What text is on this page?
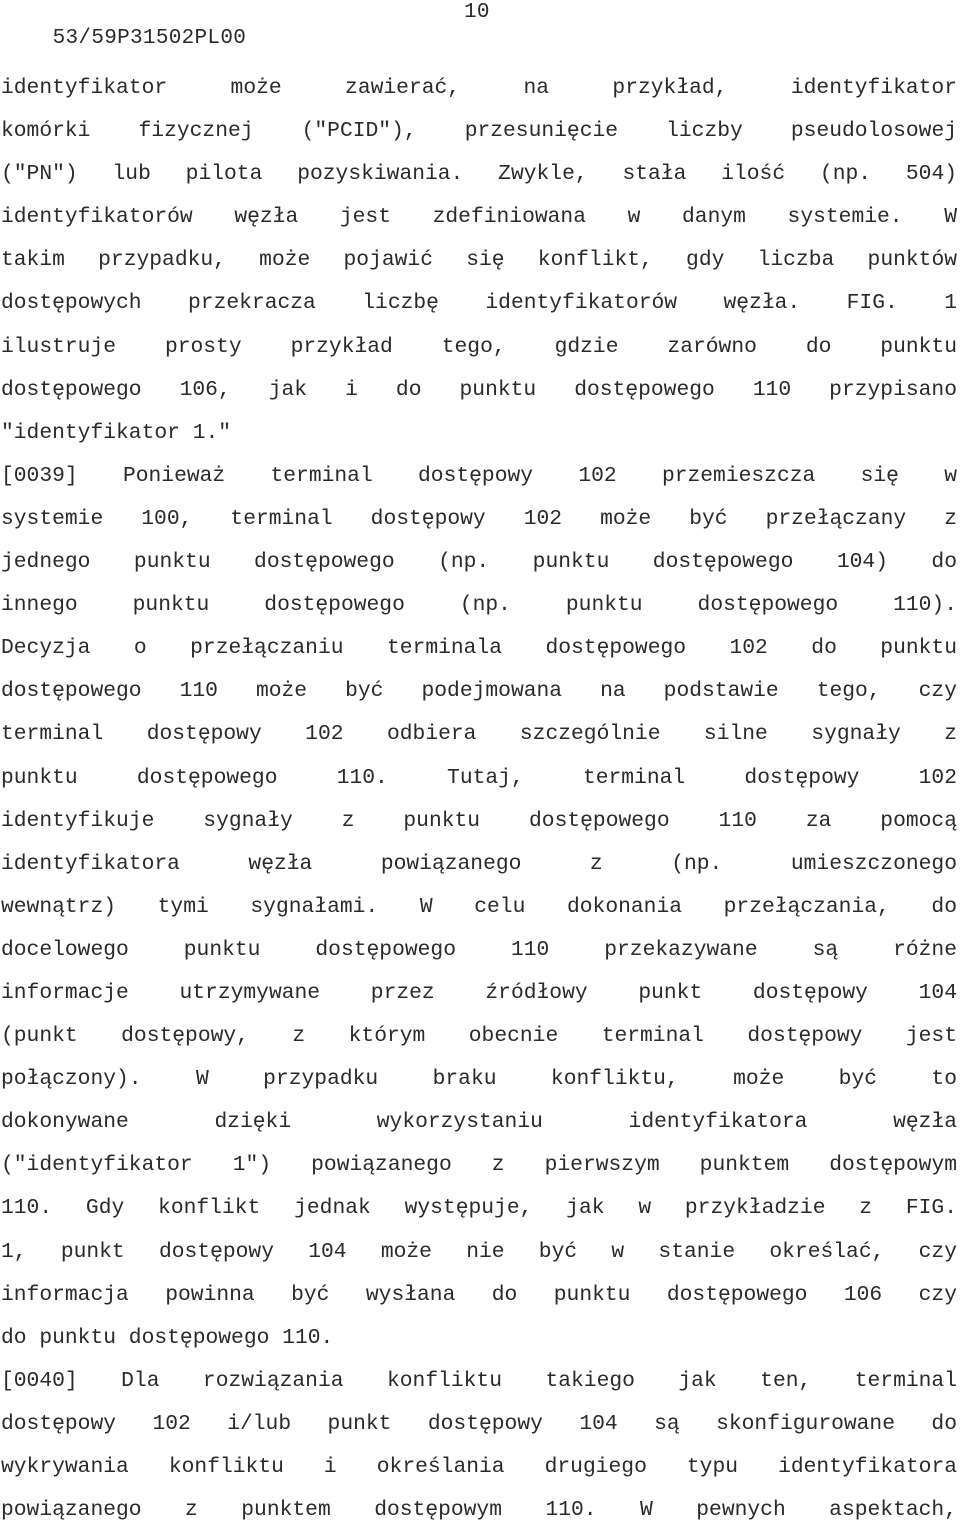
53/59P31502PL00

10

identyfikator może zawierać, na przykład, identyfikator
komórki fizycznej ("PCID"), przesunięcie liczby pseudolosowej
("PN") lub pilota pozyskiwania. Zwykle, stała ilość (np. 504)
identyfikatorów węzła jest zdefiniowana w danym systemie. W
takim przypadku, może pojawić się konflikt, gdy liczba punktów
dostępowych przekracza liczbę identyfikatorów węzła. FIG. 1
ilustruje prosty przykład tego, gdzie zarówno do punktu
dostępowego 106, jak i do punktu dostępowego 110 przypisano
"identyfikator 1."
[0039] Ponieważ terminal dostępowy 102 przemieszcza się w
systemie 100, terminal dostępowy 102 może być przełączany z
jednego punktu dostępowego (np. punktu dostępowego 104) do
innego punktu dostępowego (np. punktu dostępowego 110).
Decyzja o przełączaniu terminala dostępowego 102 do punktu
dostępowego 110 może być podejmowana na podstawie tego, czy
terminal dostępowy 102 odbiera szczególnie silne sygnały z
punktu dostępowego 110. Tutaj, terminal dostępowy 102
identyfikuje sygnały z punktu dostępowego 110 za pomocą
identyfikatora węzła powiązanego z (np. umieszczonego
wewnątrz) tymi sygnałami. W celu dokonania przełączania, do
docelowego punktu dostępowego 110 przekazywane są różne
informacje utrzymywane przez źródłowy punkt dostępowy 104
(punkt dostępowy, z którym obecnie terminal dostępowy jest
połączony). W przypadku braku konfliktu, może być to
dokonywane dzięki wykorzystaniu identyfikatora węzła
("identyfikator 1") powiązanego z pierwszym punktem dostępowym
110. Gdy konflikt jednak występuje, jak w przykładzie z FIG.
1, punkt dostępowy 104 może nie być w stanie określać, czy
informacja powinna być wysłana do punktu dostępowego 106 czy
do punktu dostępowego 110.
[0040] Dla rozwiązania konfliktu takiego jak ten, terminal
dostępowy 102 i/lub punkt dostępowy 104 są skonfigurowane do
wykrywania konfliktu i określania drugiego typu identyfikatora
powiązanego z punktem dostępowym 110. W pewnych aspektach,
